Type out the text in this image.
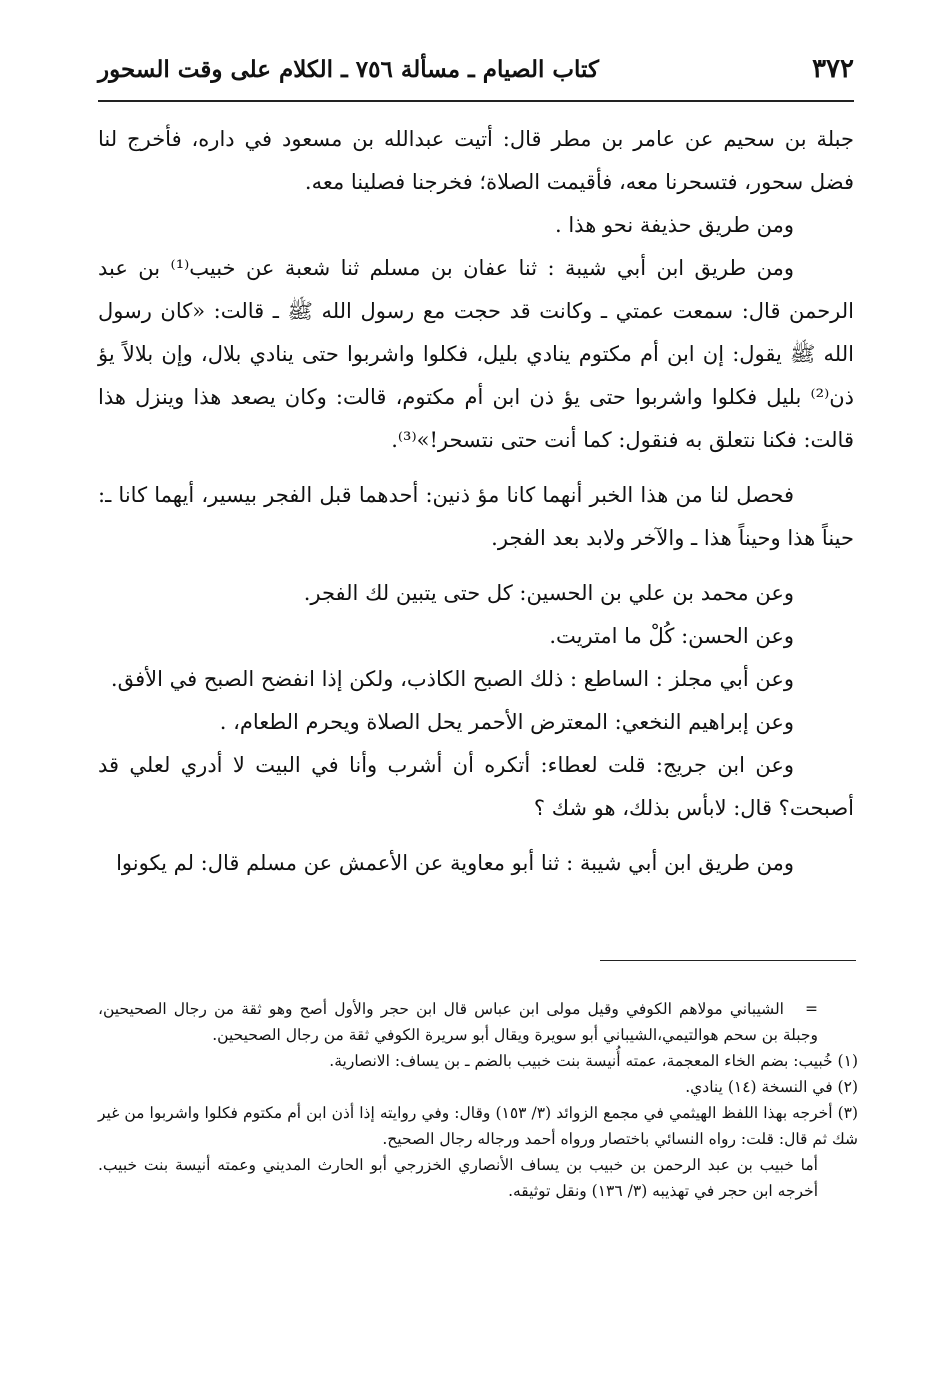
٣٧٢
كتاب الصيام ـ مسألة ٧٥٦ ـ الكلام على وقت السحور

جبلة بن سحيم عن عامر بن مطر قال: أتيت عبدالله بن مسعود في داره، فأخرج لنا فضل سحور، فتسحرنا معه، فأقيمت الصلاة؛ فخرجنا فصلينا معه.

ومن طريق حذيفة نحو هذا .

ومن طريق ابن أبي شيبة : ثنا عفان بن مسلم ثنا شعبة عن خبيب⁽¹⁾ بن عبد الرحمن قال: سمعت عمتي ـ وكانت قد حجت مع رسول الله ﷺ ـ قالت: «كان رسول الله ﷺ يقول: إن ابن أم مكتوم ينادي بليل، فكلوا واشربوا حتى ينادي بلال، وإن بلالاً يؤ ذن⁽²⁾ بليل فكلوا واشربوا حتى يؤ ذن ابن أم مكتوم، قالت: وكان يصعد هذا وينزل هذا قالت: فكنا نتعلق به فنقول: كما أنت حتى نتسحر!»⁽³⁾.

فحصل لنا من هذا الخبر أنهما كانا مؤ ذنين: أحدهما قبل الفجر بيسير، أيهما كانا ـ: حيناً هذا وحيناً هذا ـ والآخر ولابد بعد الفجر.

وعن محمد بن علي بن الحسين: كل حتى يتبين لك الفجر.

وعن الحسن: كُلْ ما امتريت.

وعن أبي مجلز : الساطع : ذلك الصبح الكاذب، ولكن إذا انفضح الصبح في الأفق.

وعن إبراهيم النخعي: المعترض الأحمر يحل الصلاة ويحرم الطعام، .

وعن ابن جريج: قلت لعطاء: أتكره أن أشرب وأنا في البيت لا أدري لعلي قد أصبحت؟ قال: لابأس بذلك، هو شك ؟

ومن طريق ابن أبي شيبة : ثنا أبو معاوية عن الأعمش عن مسلم قال: لم يكونوا

=الشيباني مولاهم الكوفي وقيل مولى ابن عباس قال ابن حجر والأول أصح وهو ثقة من رجال الصحيحين، وجبلة بن سحم هوالتيمي،الشيباني أبو سويرة ويقال أبو سريرة الكوفي ثقة من رجال الصحيحين.

(١) خُبيب: بضم الخاء المعجمة، عمته أُنيسة بنت خبيب بالضم ـ بن يساف: الانصارية.

(٢) في النسخة (١٤) ينادي.

(٣) أخرجه بهذا اللفظ الهيثمي في مجمع الزوائد (٣/ ١٥٣) وقال: وفي روايته إذا أذن ابن أم مكتوم فكلوا واشربوا من غير شك ثم قال: قلت: رواه النسائي باختصار ورواه أحمد ورجاله رجال الصحيح.

أما خبيب بن عبد الرحمن بن خبيب بن يساف الأنصاري الخزرجي أبو الحارث المديني وعمته أنيسة بنت خبيب. أخرجه ابن حجر في تهذيبه (٣/ ١٣٦) ونقل توثيقه.
